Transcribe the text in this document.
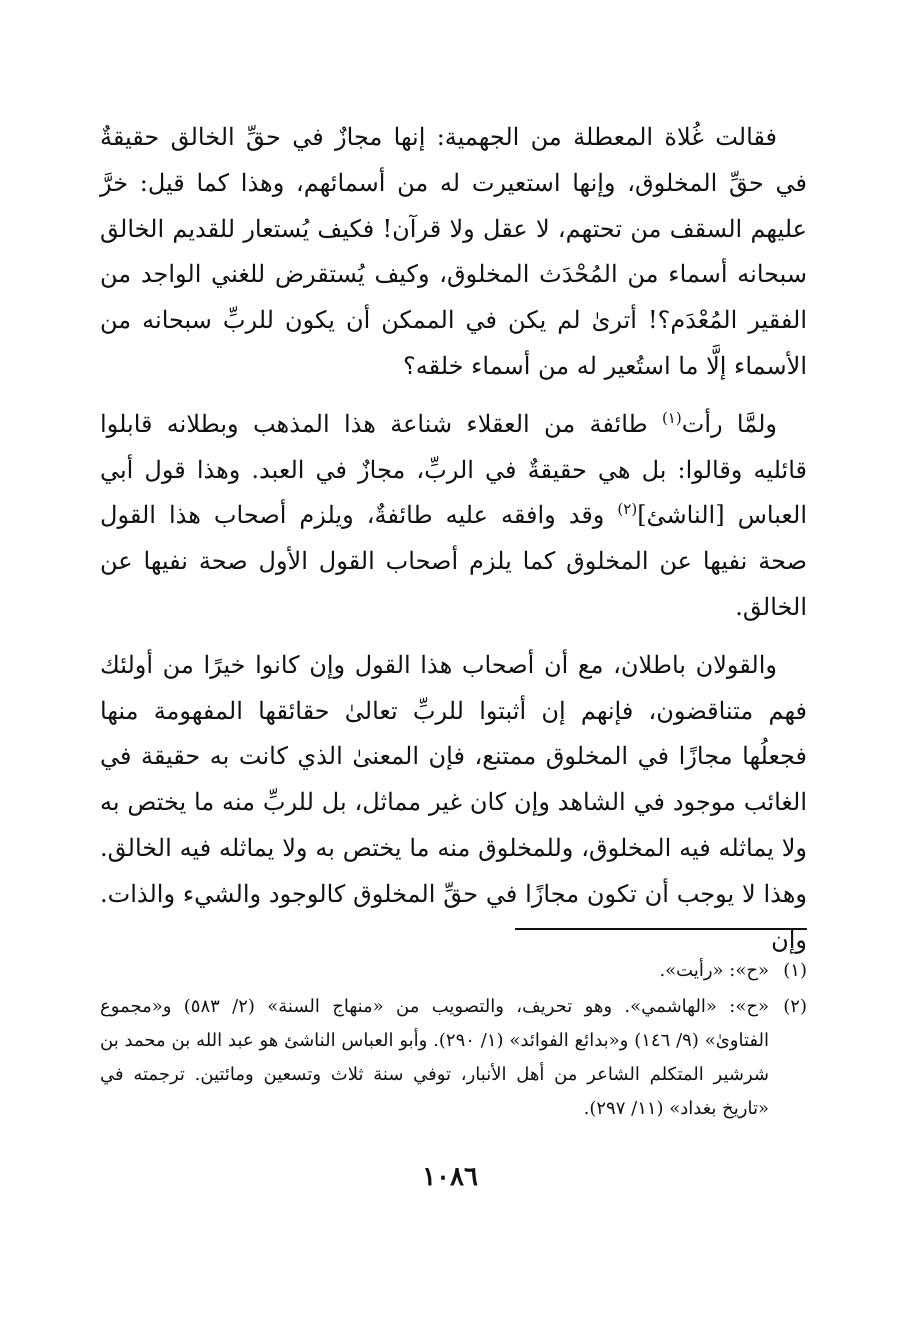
فقالت غُلاة المعطلة من الجهمية: إنها مجازٌ في حقِّ الخالق حقيقةٌ في حقِّ المخلوق، وإنها استعيرت له من أسمائهم، وهذا كما قيل: خرَّ عليهم السقف من تحتهم، لا عقل ولا قرآن! فكيف يُستعار للقديم الخالق سبحانه أسماء من المُحْدَث المخلوق، وكيف يُستقرض للغني الواجد من الفقير المُعْدَم؟! أترىٰ لم يكن في الممكن أن يكون للربِّ سبحانه من الأسماء إلَّا ما استُعير له من أسماء خلقه؟

ولمَّا رأت$^{(١)}$ طائفة من العقلاء شناعة هذا المذهب وبطلانه قابلوا قائليه وقالوا: بل هي حقيقةٌ في الربِّ، مجازٌ في العبد. وهذا قول أبي العباس [الناشئ]$^{(٢)}$ وقد وافقه عليه طائفةٌ، ويلزم أصحاب هذا القول صحة نفيها عن المخلوق كما يلزم أصحاب القول الأول صحة نفيها عن الخالق.

والقولان باطلان، مع أن أصحاب هذا القول وإن كانوا خيرًا من أولئك فهم متناقضون، فإنهم إن أثبتوا للربِّ تعالىٰ حقائقها المفهومة منها فجعلُها مجازًا في المخلوق ممتنع، فإن المعنىٰ الذي كانت به حقيقة في الغائب موجود في الشاهد وإن كان غير مماثل، بل للربِّ منه ما يختص به ولا يماثله فيه المخلوق، وللمخلوق منه ما يختص به ولا يماثله فيه الخالق. وهذا لا يوجب أن تكون مجازًا في حقِّ المخلوق كالوجود والشيء والذات. وإن

(١)
«ح»: «رأيت».
(٢)
«ح»: «الهاشمي». وهو تحريف، والتصويب من «منهاج السنة» (٢/ ٥٨٣) و«مجموع الفتاوىٰ» (٩/ ١٤٦) و«بدائع الفوائد» (١/ ٢٩٠). وأبو العباس الناشئ هو عبد الله بن محمد بن شرشير المتكلم الشاعر من أهل الأنبار، توفي سنة ثلاث وتسعين ومائتين. ترجمته في «تاريخ بغداد» (١١/ ٢٩٧).
١٠٨٦
